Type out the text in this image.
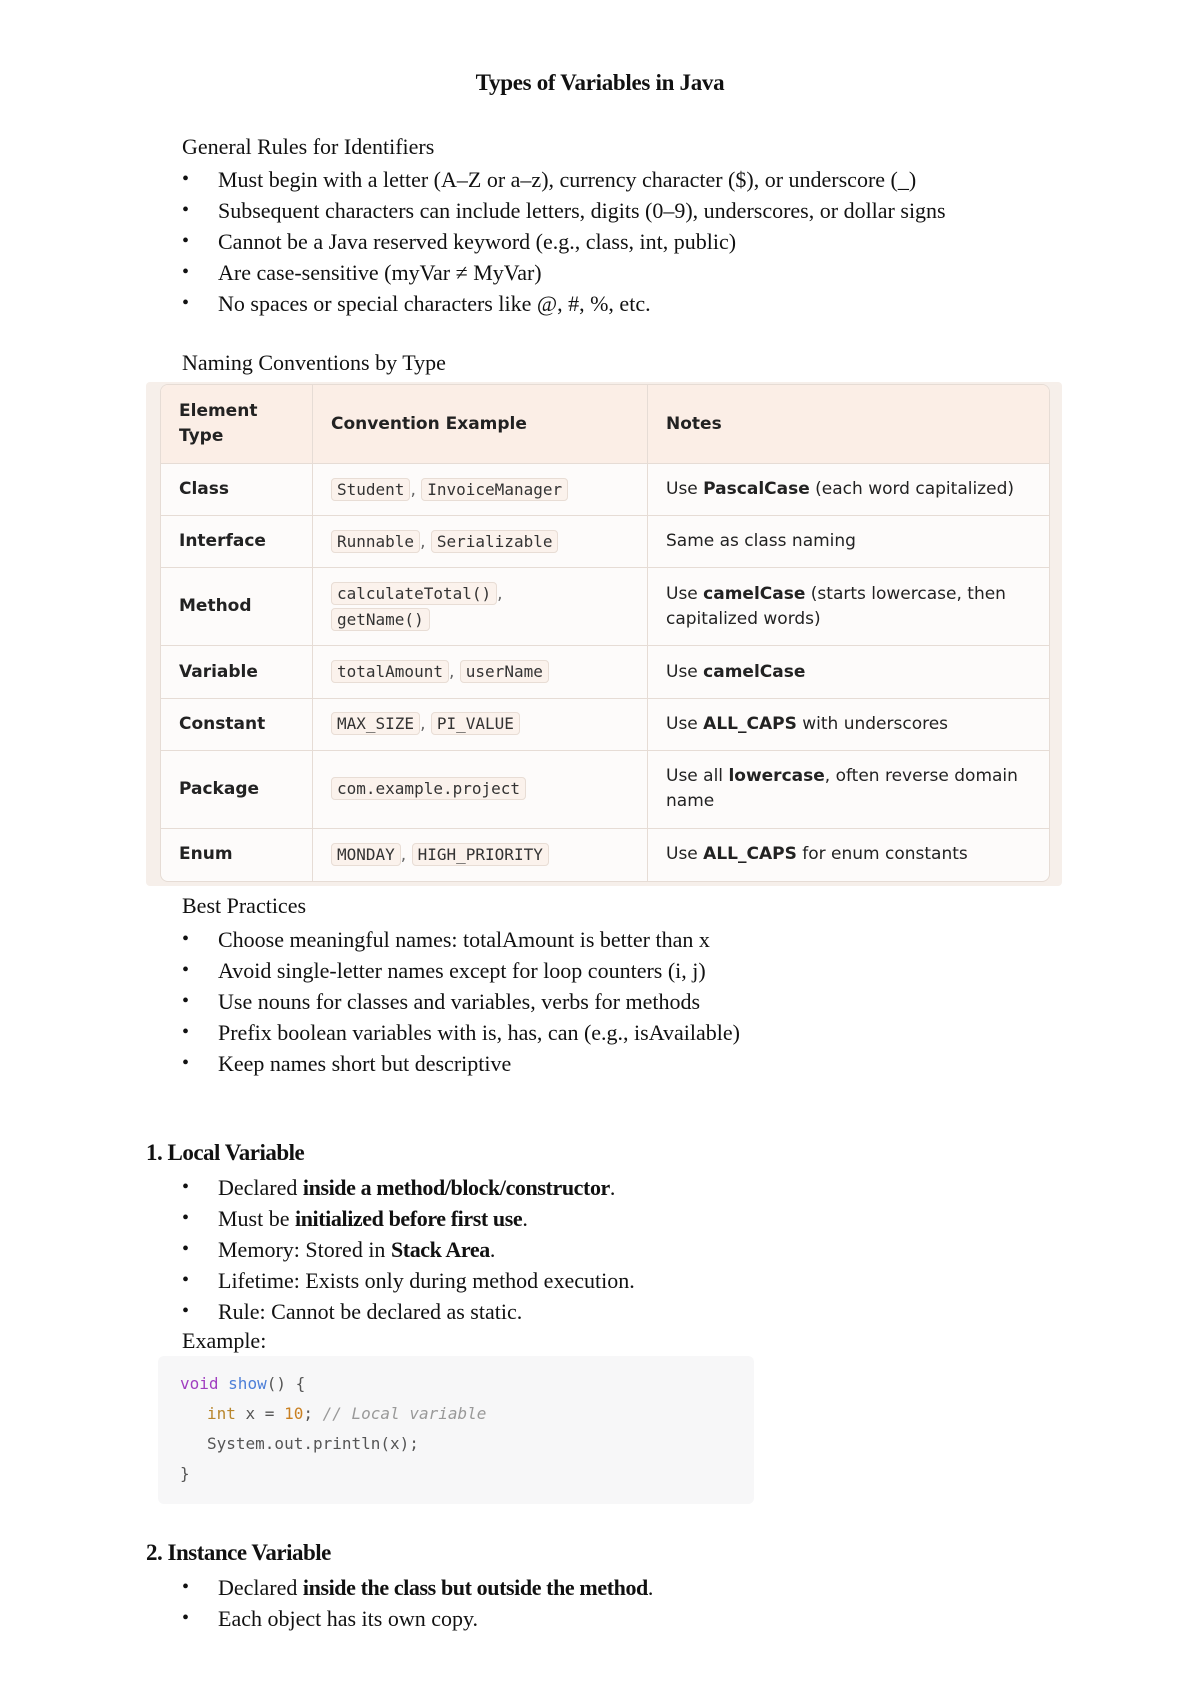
Types of Variables in Java
General Rules for Identifiers
• Must begin with a letter (A–Z or a–z), currency character ($), or underscore (_)
• Subsequent characters can include letters, digits (0–9), underscores, or dollar signs
• Cannot be a Java reserved keyword (e.g., class, int, public)
• Are case-sensitive (myVar ≠ MyVar)
• No spaces or special characters like @, #, %, etc.
Naming Conventions by Type
Element Type	Convention Example	Notes
Class	Student , InvoiceManager	Use PascalCase (each word capitalized)
Interface	Runnable , Serializable	Same as class naming
Method	calculateTotal() ,
getName()	Use camelCase (starts lowercase, then capitalized words)
Variable	totalAmount , userName	Use camelCase
Constant	MAX_SIZE , PI_VALUE	Use ALL_CAPS with underscores
Package	com.example.project	Use all lowercase, often reverse domain name
Enum	MONDAY , HIGH_PRIORITY	Use ALL_CAPS for enum constants
Best Practices
• Choose meaningful names: totalAmount is better than x
• Avoid single-letter names except for loop counters (i, j)
• Use nouns for classes and variables, verbs for methods
• Prefix boolean variables with is, has, can (e.g., isAvailable)
• Keep names short but descriptive
1. Local Variable
• Declared inside a method/block/constructor.
• Must be initialized before first use.
• Memory: Stored in Stack Area.
• Lifetime: Exists only during method execution.
• Rule: Cannot be declared as static.
Example:
void show() {
int x = 10; // Local variable
System.out.println(x);
}
2. Instance Variable
• Declared inside the class but outside the method.
• Each object has its own copy.
